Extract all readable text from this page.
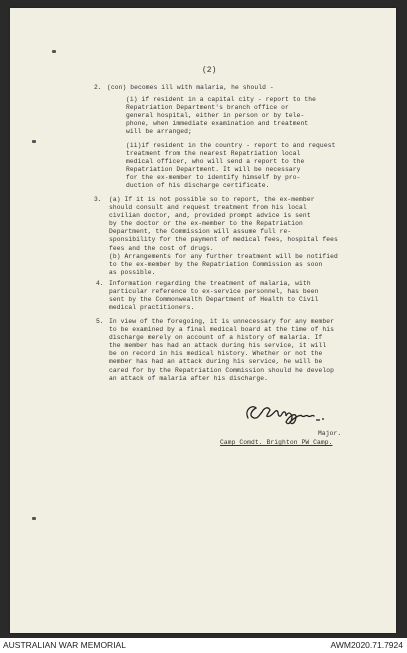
(2)
2. (con) becomes ill with malaria, he should -
(i) if resident in a capital city - report to the
Repatriation Department's branch office or
general hospital, either in person or by tele-
phone, when immediate examination and treatment
will be arranged;
(ii)if resident in the country - report to and request
treatment from the nearest Repatriation local
medical officer, who will send a report to the
Repatriation Department. It will be necessary
for the ex-member to identify himself by pro-
duction of his discharge certificate.
3. (a) If it is not possible so to report, the ex-member
should consult and request treatment from his local
civilian doctor, and, provided prompt advice is sent
by the doctor or the ex-member to the Repatriation
Department, the Commission will assume full re-
sponsibility for the payment of medical fees, hospital fees
fees and the cost of drugs.
(b) Arrangements for any further treatment will be notified
to the ex-member by the Repatriation Commission as soon
as possible.
4. Information regarding the treatment of malaria, with
particular reference to ex-service personnel, has been
sent by the Commonwealth Department of Health to Civil
medical practitioners.
5. In view of the foregoing, it is unnecessary for any member
to be examined by a final medical board at the time of his
discharge merely on account of a history of malaria. If
the member has had an attack during his service, it will
be on record in his medical history. Whether or not the
member has had an attack during his service, he will be
cared for by the Repatriation Commission should he develop
an attack of malaria after his discharge.
Major.
Camp Comdt. Brighton PW Camp.
AUSTRALIAN WAR MEMORIAL	AWM2020.71.7924
